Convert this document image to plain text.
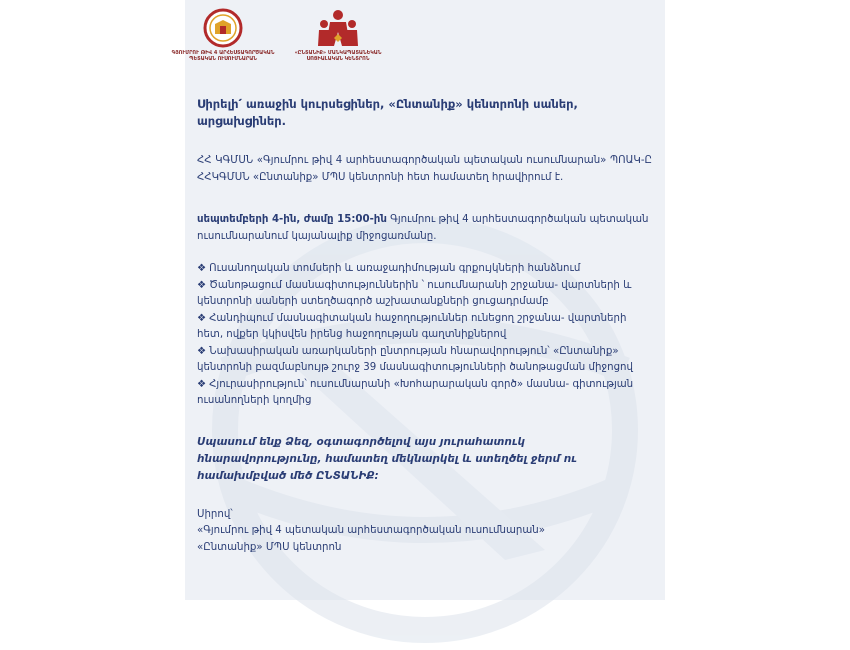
ԳՅՈՒՄՐՈՒ ԹԻՎ 4 ԱՐՀԵՍՏԱԳՈՐԾԱԿԱՆ ՊԵՏԱԿԱՆ ՈՒՍՈՒՄՆԱՐԱՆ
«ԸՆՏԱՆԻՔ» ՄԱՆԿԱՊԱՏԱՆԵԿԱՆ ՍՈՑԻԱԼԱԿԱՆ ԿԵՆՏՐՈՆ

Սիրելի՛ առաջին կուրսեցիներ, «Ընտանիք» կենտրոնի սաներ, արցախցիներ.

ՀՀ ԿԳՄՍՆ «Գյումրու թիվ 4 արհեստագործական պետական ուսումնարան» ՊՈԱԿ-Ը ՀՀԿԳՄՍՆ «Ընտանիք» ՄՊՍ կենտրոնի հետ համատեղ հրավիրում է.

սեպտեմբերի 4-ին, ժամը 15:00-ին Գյումրու թիվ 4 արհեստագործական պետական ուսումնարանում կայանալիք միջոցառմանը.

❖ Ուսանողական տոմսերի և առաջադիմության գրքույկների հանձնում
❖ Ծանոթացում մասնագիտություններին ՝ ուսումնարանի շրջանա- վարտների և կենտրոնի սաների ստեղծագործ աշխատանքների ցուցադրմամբ
❖ Հանդիպում մասնագիտական հաջողություններ ունեցող շրջանա- վարտների հետ, ովքեր կկիսվեն իրենց հաջողության գաղտնիքներով
❖ Նախասիրական առարկաների ընտրության հնարավորություն՝ «Ընտանիք» կենտրոնի բազմաբնույթ շուրջ 39 մասնագիտությունների ծանոթացման միջոցով
❖ Հյուրասիրություն՝ ուսումնարանի «Խոհարարական գործ» մասնա- գիտության ուսանողների կողմից

Սպասում ենք Ձեզ, օգտագործելով այս յուրահատուկ հնարավորությունը, համատեղ մեկնարկել և ստեղծել ջերմ ու համախմբված մեծ ԸՆՏԱՆԻՔ:

Սիրով՝
«Գյումրու թիվ 4 պետական արհեստագործական ուսումնարան»
«Ընտանիք» ՄՊՍ կենտրոն
